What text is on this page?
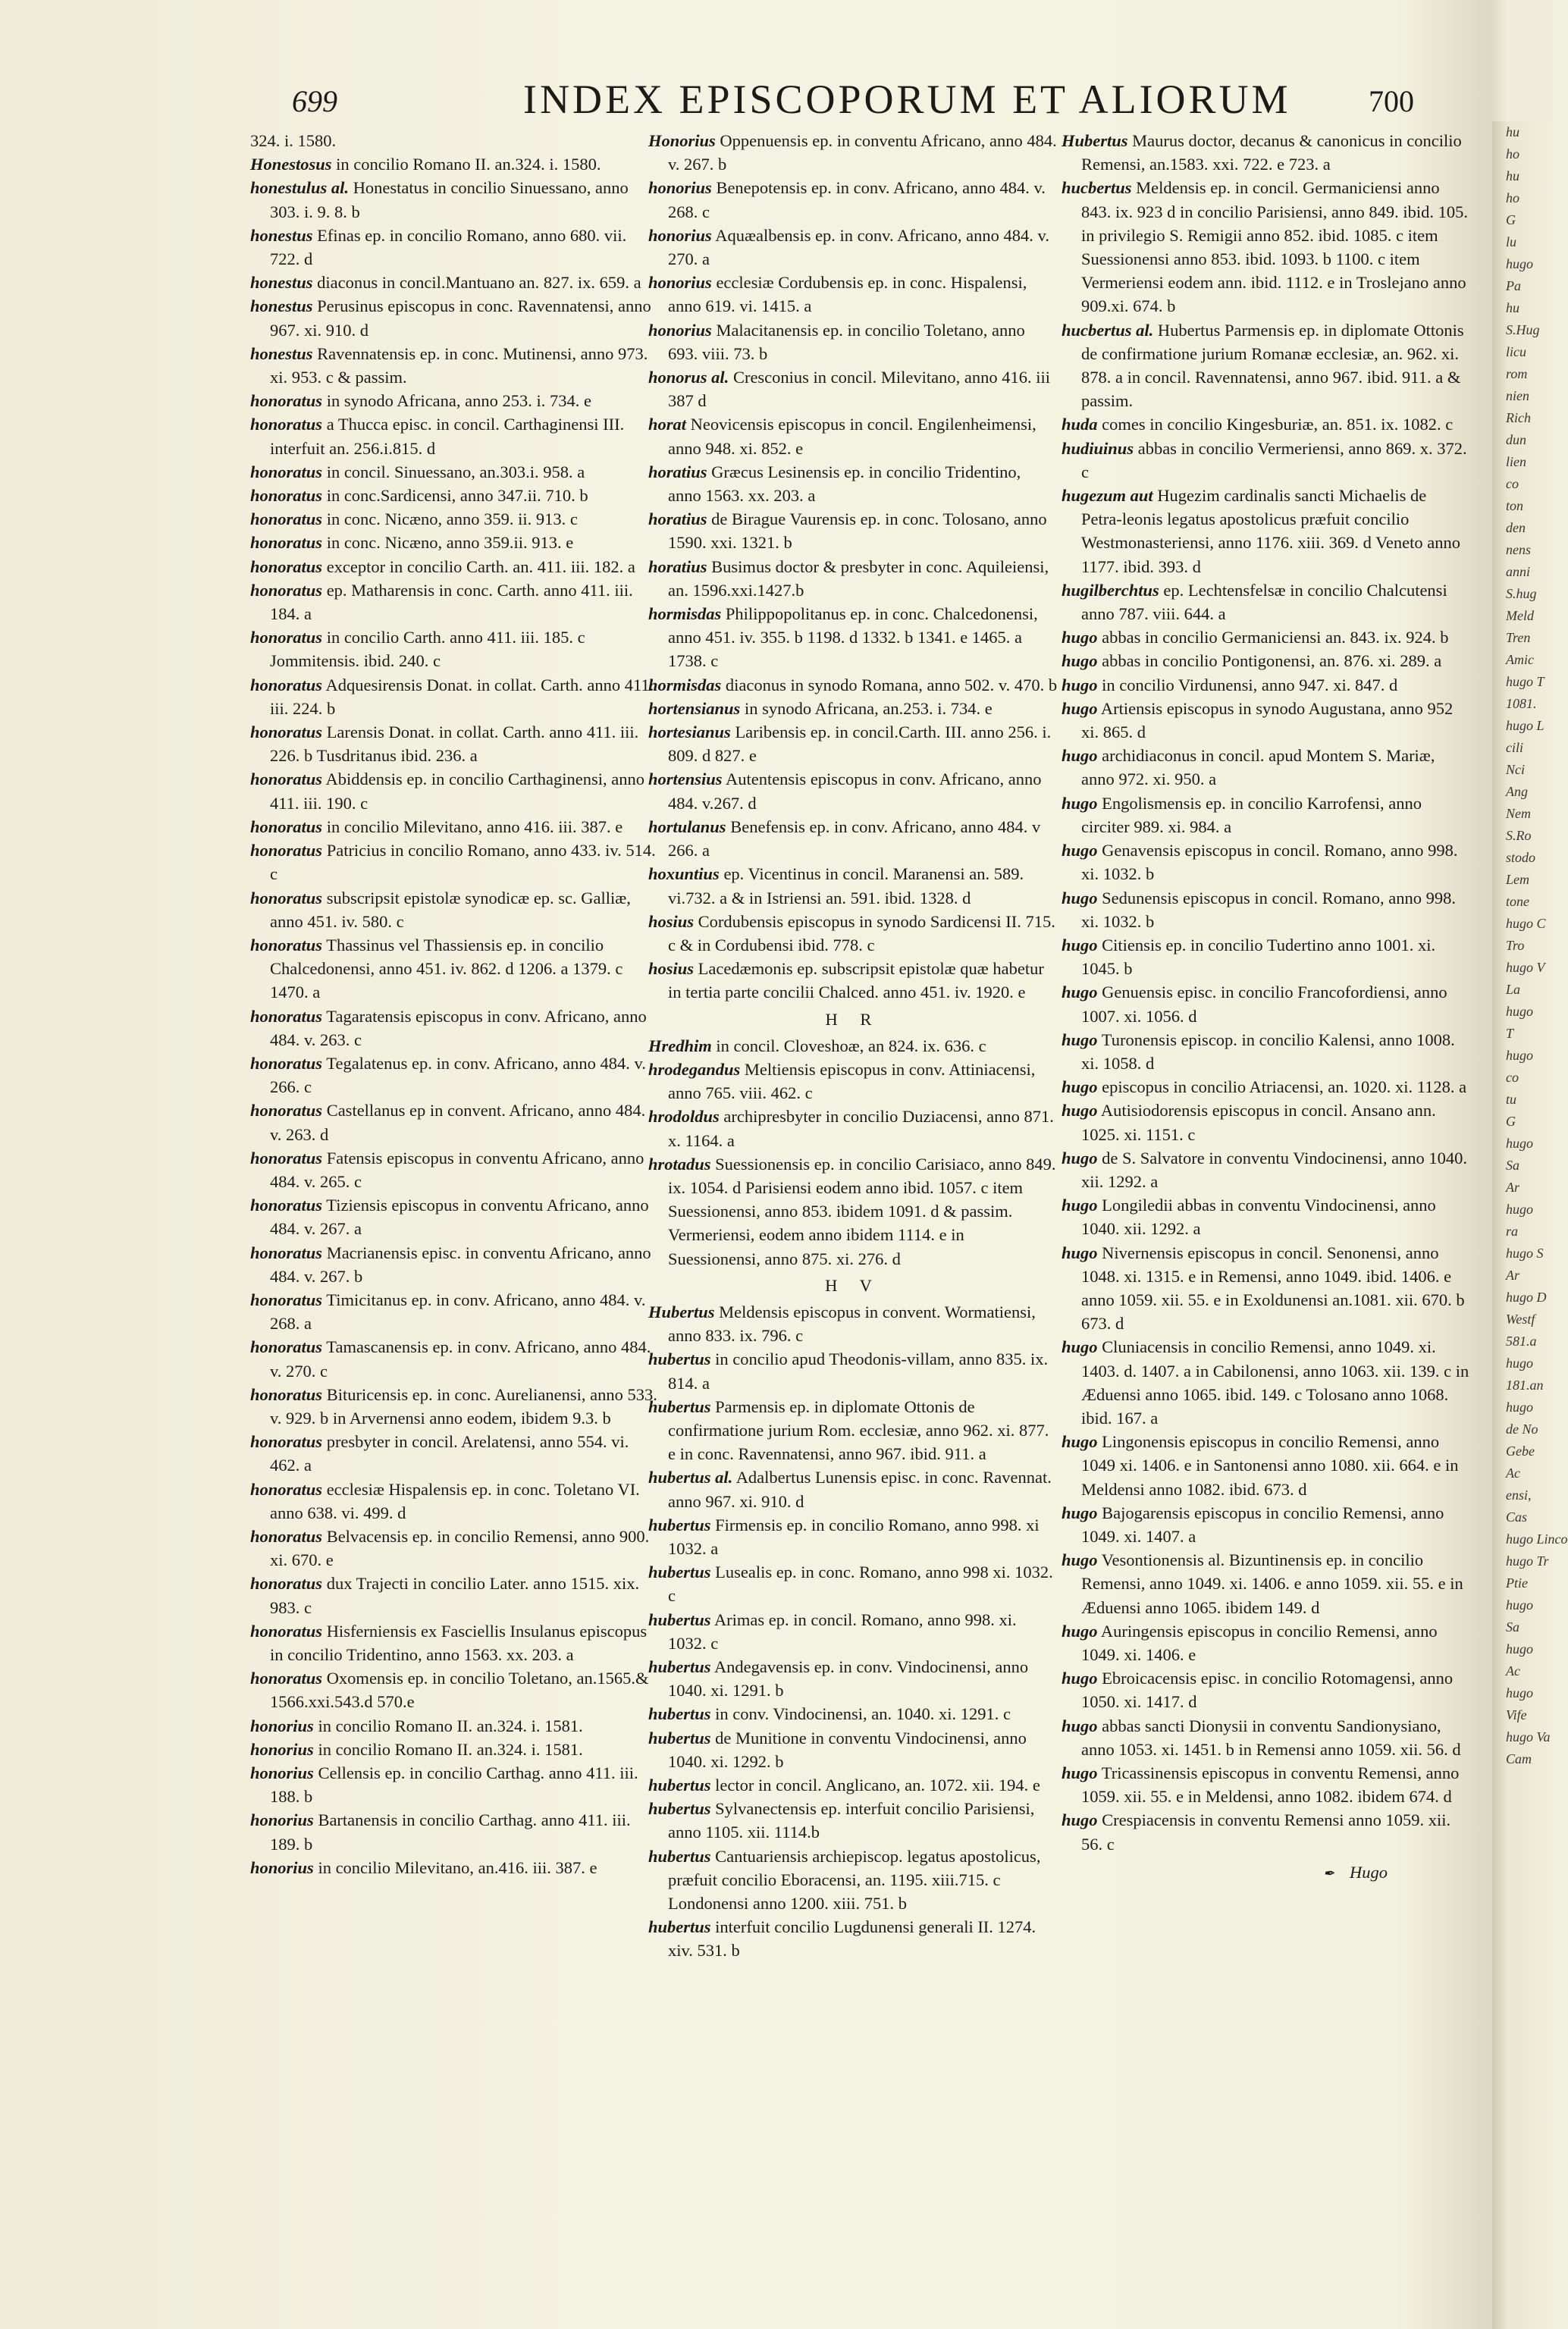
699	INDEX EPISCOPORUM ET ALIORUM	700

324. i. 1580.

Honestosus in concilio Romano II. an.324. i. 1580.

honestulus al. Honestatus in concilio Sinuessano, anno 303. i. 9. 8. b

honestus Efinas ep. in concilio Romano, anno 680. vii. 722. d

honestus diaconus in concil.Mantuano an. 827. ix. 659. a

honestus Perusinus episcopus in conc. Ravennatensi, anno 967. xi. 910. d

honestus Ravennatensis ep. in conc. Mutinensi, anno 973. xi. 953. c & passim.

honoratus in synodo Africana, anno 253. i. 734. e

honoratus a Thucca episc. in concil. Carthaginensi III. interfuit an. 256.i.815. d

honoratus in concil. Sinuessano, an.303.i. 958. a

honoratus in conc.Sardicensi, anno 347.ii. 710. b

honoratus in conc. Nicæno, anno 359. ii. 913. c

honoratus in conc. Nicæno, anno 359.ii. 913. e

honoratus exceptor in concilio Carth. an. 411. iii. 182. a

honoratus ep. Matharensis in conc. Carth. anno 411. iii. 184. a

honoratus in concilio Carth. anno 411. iii. 185. c Jommitensis. ibid. 240. c

honoratus Adquesirensis Donat. in collat. Carth. anno 411. iii. 224. b

honoratus Larensis Donat. in collat. Carth. anno 411. iii. 226. b Tusdritanus ibid. 236. a

honoratus Abiddensis ep. in concilio Carthaginensi, anno 411. iii. 190. c

honoratus in concilio Milevitano, anno 416. iii. 387. e

honoratus Patricius in concilio Romano, anno 433. iv. 514. c

honoratus subscripsit epistolæ synodicæ ep. sc. Galliæ, anno 451. iv. 580. c

honoratus Thassinus vel Thassiensis ep. in concilio Chalcedonensi, anno 451. iv. 862. d 1206. a 1379. c 1470. a

honoratus Tagaratensis episcopus in conv. Africano, anno 484. v. 263. c

honoratus Tegalatenus ep. in conv. Africano, anno 484. v. 266. c

honoratus Castellanus ep in convent. Africano, anno 484. v. 263. d

honoratus Fatensis episcopus in conventu Africano, anno 484. v. 265. c

honoratus Tiziensis episcopus in conventu Africano, anno 484. v. 267. a

honoratus Macrianensis episc. in conventu Africano, anno 484. v. 267. b

honoratus Timicitanus ep. in conv. Africano, anno 484. v. 268. a

honoratus Tamascanensis ep. in conv. Africano, anno 484. v. 270. c

honoratus Bituricensis ep. in conc. Aurelianensi, anno 533. v. 929. b in Arvernensi anno eodem, ibidem 9.3. b

honoratus presbyter in concil. Arelatensi, anno 554. vi. 462. a

honoratus ecclesiæ Hispalensis ep. in conc. Toletano VI. anno 638. vi. 499. d

honoratus Belvacensis ep. in concilio Remensi, anno 900. xi. 670. e

honoratus dux Trajecti in concilio Later. anno 1515. xix. 983. c

honoratus Hisferniensis ex Fasciellis Insulanus episcopus in concilio Tridentino, anno 1563. xx. 203. a

honoratus Oxomensis ep. in concilio Toletano, an.1565.& 1566.xxi.543.d 570.e

honorius in concilio Romano II. an.324. i. 1581.

honorius in concilio Romano II. an.324. i. 1581.

honorius Cellensis ep. in concilio Carthag. anno 411. iii. 188. b

honorius Bartanensis in concilio Carthag. anno 411. iii. 189. b

honorius in concilio Milevitano, an.416. iii. 387. e

Honorius Oppenuensis ep. in conventu Africano, anno 484. v. 267. b

honorius Benepotensis ep. in conv. Africano, anno 484. v. 268. c

honorius Aquæalbensis ep. in conv. Africano, anno 484. v. 270. a

honorius ecclesiæ Cordubensis ep. in conc. Hispalensi, anno 619. vi. 1415. a

honorius Malacitanensis ep. in concilio Toletano, anno 693. viii. 73. b

honorus al. Cresconius in concil. Milevitano, anno 416. iii 387 d

horat Neovicensis episcopus in concil. Engilenheimensi, anno 948. xi. 852. e

horatius Græcus Lesinensis ep. in concilio Tridentino, anno 1563. xx. 203. a

horatius de Birague Vaurensis ep. in conc. Tolosano, anno 1590. xxi. 1321. b

horatius Busimus doctor & presbyter in conc. Aquileiensi, an. 1596.xxi.1427.b

hormisdas Philippopolitanus ep. in conc. Chalcedonensi, anno 451. iv. 355. b 1198. d 1332. b 1341. e 1465. a 1738. c

hormisdas diaconus in synodo Romana, anno 502. v. 470. b

hortensianus in synodo Africana, an.253. i. 734. e

hortesianus Laribensis ep. in concil.Carth. III. anno 256. i. 809. d 827. e

hortensius Autentensis episcopus in conv. Africano, anno 484. v.267. d

hortulanus Benefensis ep. in conv. Africano, anno 484. v 266. a

hoxuntius ep. Vicentinus in concil. Maranensi an. 589. vi.732. a & in Istriensi an. 591. ibid. 1328. d

hosius Cordubensis episcopus in synodo Sardicensi II. 715. c & in Cordubensi ibid. 778. c

hosius Lacedæmonis ep. subscripsit epistolæ quæ habetur in tertia parte concilii Chalced. anno 451. iv. 1920. e

H R

Hredhim in concil. Cloveshoæ, an 824. ix. 636. c

hrodegandus Meltiensis episcopus in conv. Attiniacensi, anno 765. viii. 462. c

hrodoldus archipresbyter in concilio Duziacensi, anno 871. x. 1164. a

hrotadus Suessionensis ep. in concilio Carisiaco, anno 849. ix. 1054. d Parisiensi eodem anno ibid. 1057. c item Suessionensi, anno 853. ibidem 1091. d & passim. Vermeriensi, eodem anno ibidem 1114. e in Suessionensi, anno 875. xi. 276. d

H V

Hubertus Meldensis episcopus in convent. Wormatiensi, anno 833. ix. 796. c

hubertus in concilio apud Theodonis-villam, anno 835. ix. 814. a

hubertus Parmensis ep. in diplomate Ottonis de confirmatione jurium Rom. ecclesiæ, anno 962. xi. 877. e in conc. Ravennatensi, anno 967. ibid. 911. a

hubertus al. Adalbertus Lunensis episc. in conc. Ravennat. anno 967. xi. 910. d

hubertus Firmensis ep. in concilio Romano, anno 998. xi 1032. a

hubertus Lusealis ep. in conc. Romano, anno 998 xi. 1032. c

hubertus Arimas ep. in concil. Romano, anno 998. xi. 1032. c

hubertus Andegavensis ep. in conv. Vindocinensi, anno 1040. xi. 1291. b

hubertus in conv. Vindocinensi, an. 1040. xi. 1291. c

hubertus de Munitione in conventu Vindocinensi, anno 1040. xi. 1292. b

hubertus lector in concil. Anglicano, an. 1072. xii. 194. e

hubertus Sylvanectensis ep. interfuit concilio Parisiensi, anno 1105. xii. 1114.b

hubertus Cantuariensis archiepiscop. legatus apostolicus, præfuit concilio Eboracensi, an. 1195. xiii.715. c Londonensi anno 1200. xiii. 751. b

hubertus interfuit concilio Lugdunensi generali II. 1274. xiv. 531. b

Hubertus Maurus doctor, decanus & canonicus in concilio Remensi, an.1583. xxi. 722. e 723. a

hucbertus Meldensis ep. in concil. Germaniciensi anno 843. ix. 923 d in concilio Parisiensi, anno 849. ibid. 105. in privilegio S. Remigii anno 852. ibid. 1085. c item Suessionensi anno 853. ibid. 1093. b 1100. c item Vermeriensi eodem ann. ibid. 1112. e in Troslejano anno 909.xi. 674. b

hucbertus al. Hubertus Parmensis ep. in diplomate Ottonis de confirmatione jurium Romanæ ecclesiæ, an. 962. xi. 878. a in concil. Ravennatensi, anno 967. ibid. 911. a & passim.

huda comes in concilio Kingesburiæ, an. 851. ix. 1082. c

hudiuinus abbas in concilio Vermeriensi, anno 869. x. 372. c

hugezum aut Hugezim cardinalis sancti Michaelis de Petra-leonis legatus apostolicus præfuit concilio Westmonasteriensi, anno 1176. xiii. 369. d Veneto anno 1177. ibid. 393. d

hugilberchtus ep. Lechtensfelsæ in concilio Chalcutensi anno 787. viii. 644. a

hugo abbas in concilio Germaniciensi an. 843. ix. 924. b

hugo abbas in concilio Pontigonensi, an. 876. xi. 289. a

hugo in concilio Virdunensi, anno 947. xi. 847. d

hugo Artiensis episcopus in synodo Augustana, anno 952 xi. 865. d

hugo archidiaconus in concil. apud Montem S. Mariæ, anno 972. xi. 950. a

hugo Engolismensis ep. in concilio Karrofensi, anno circiter 989. xi. 984. a

hugo Genavensis episcopus in concil. Romano, anno 998. xi. 1032. b

hugo Sedunensis episcopus in concil. Romano, anno 998. xi. 1032. b

hugo Citiensis ep. in concilio Tudertino anno 1001. xi. 1045. b

hugo Genuensis episc. in concilio Francofordiensi, anno 1007. xi. 1056. d

hugo Turonensis episcop. in concilio Kalensi, anno 1008. xi. 1058. d

hugo episcopus in concilio Atriacensi, an. 1020. xi. 1128. a

hugo Autisiodorensis episcopus in concil. Ansano ann. 1025. xi. 1151. c

hugo de S. Salvatore in conventu Vindocinensi, anno 1040. xii. 1292. a

hugo Longiledii abbas in conventu Vindocinensi, anno 1040. xii. 1292. a

hugo Nivernensis episcopus in concil. Senonensi, anno 1048. xi. 1315. e in Remensi, anno 1049. ibid. 1406. e anno 1059. xii. 55. e in Exoldunensi an.1081. xii. 670. b 673. d

hugo Cluniacensis in concilio Remensi, anno 1049. xi. 1403. d. 1407. a in Cabilonensi, anno 1063. xii. 139. c in Æduensi anno 1065. ibid. 149. c Tolosano anno 1068. ibid. 167. a

hugo Lingonensis episcopus in concilio Remensi, anno 1049 xi. 1406. e in Santonensi anno 1080. xii. 664. e in Meldensi anno 1082. ibid. 673. d

hugo Bajogarensis episcopus in concilio Remensi, anno 1049. xi. 1407. a

hugo Vesontionensis al. Bizuntinensis ep. in concilio Remensi, anno 1049. xi. 1406. e anno 1059. xii. 55. e in Æduensi anno 1065. ibidem 149. d

hugo Auringensis episcopus in concilio Remensi, anno 1049. xi. 1406. e

hugo Ebroicacensis episc. in concilio Rotomagensi, anno 1050. xi. 1417. d

hugo abbas sancti Dionysii in conventu Sandionysiano, anno 1053. xi. 1451. b in Remensi anno 1059. xii. 56. d

hugo Tricassinensis episcopus in conventu Remensi, anno 1059. xii. 55. e in Meldensi, anno 1082. ibidem 674. d

hugo Crespiacensis in conventu Remensi anno 1059. xii. 56. c

✒ Hugo
hu
ho
hu
ho
G
lu
hugo
Pa
hu
S.Hug
licu
rom
nien
Rich
dun
lien
co
ton
den
nens
anni
S.hug
Meld
Tren
Amic
hugo T
1081.
hugo L
cili
Nci
Ang
Nem
S.Ro
stodo
Lem
tone
hugo C
Tro
hugo V
La
hugo
T
hugo
co
tu
G
hugo
Sa
Ar
hugo
ra
hugo S
Ar
hugo D
Westf
581.a
hugo
181.an
hugo
de No
Gebe
Ac
ensi,
Cas
hugo Linco
hugo Tr
Ptie
hugo
Sa
hugo
Ac
hugo
Vife
hugo Va
Cam
